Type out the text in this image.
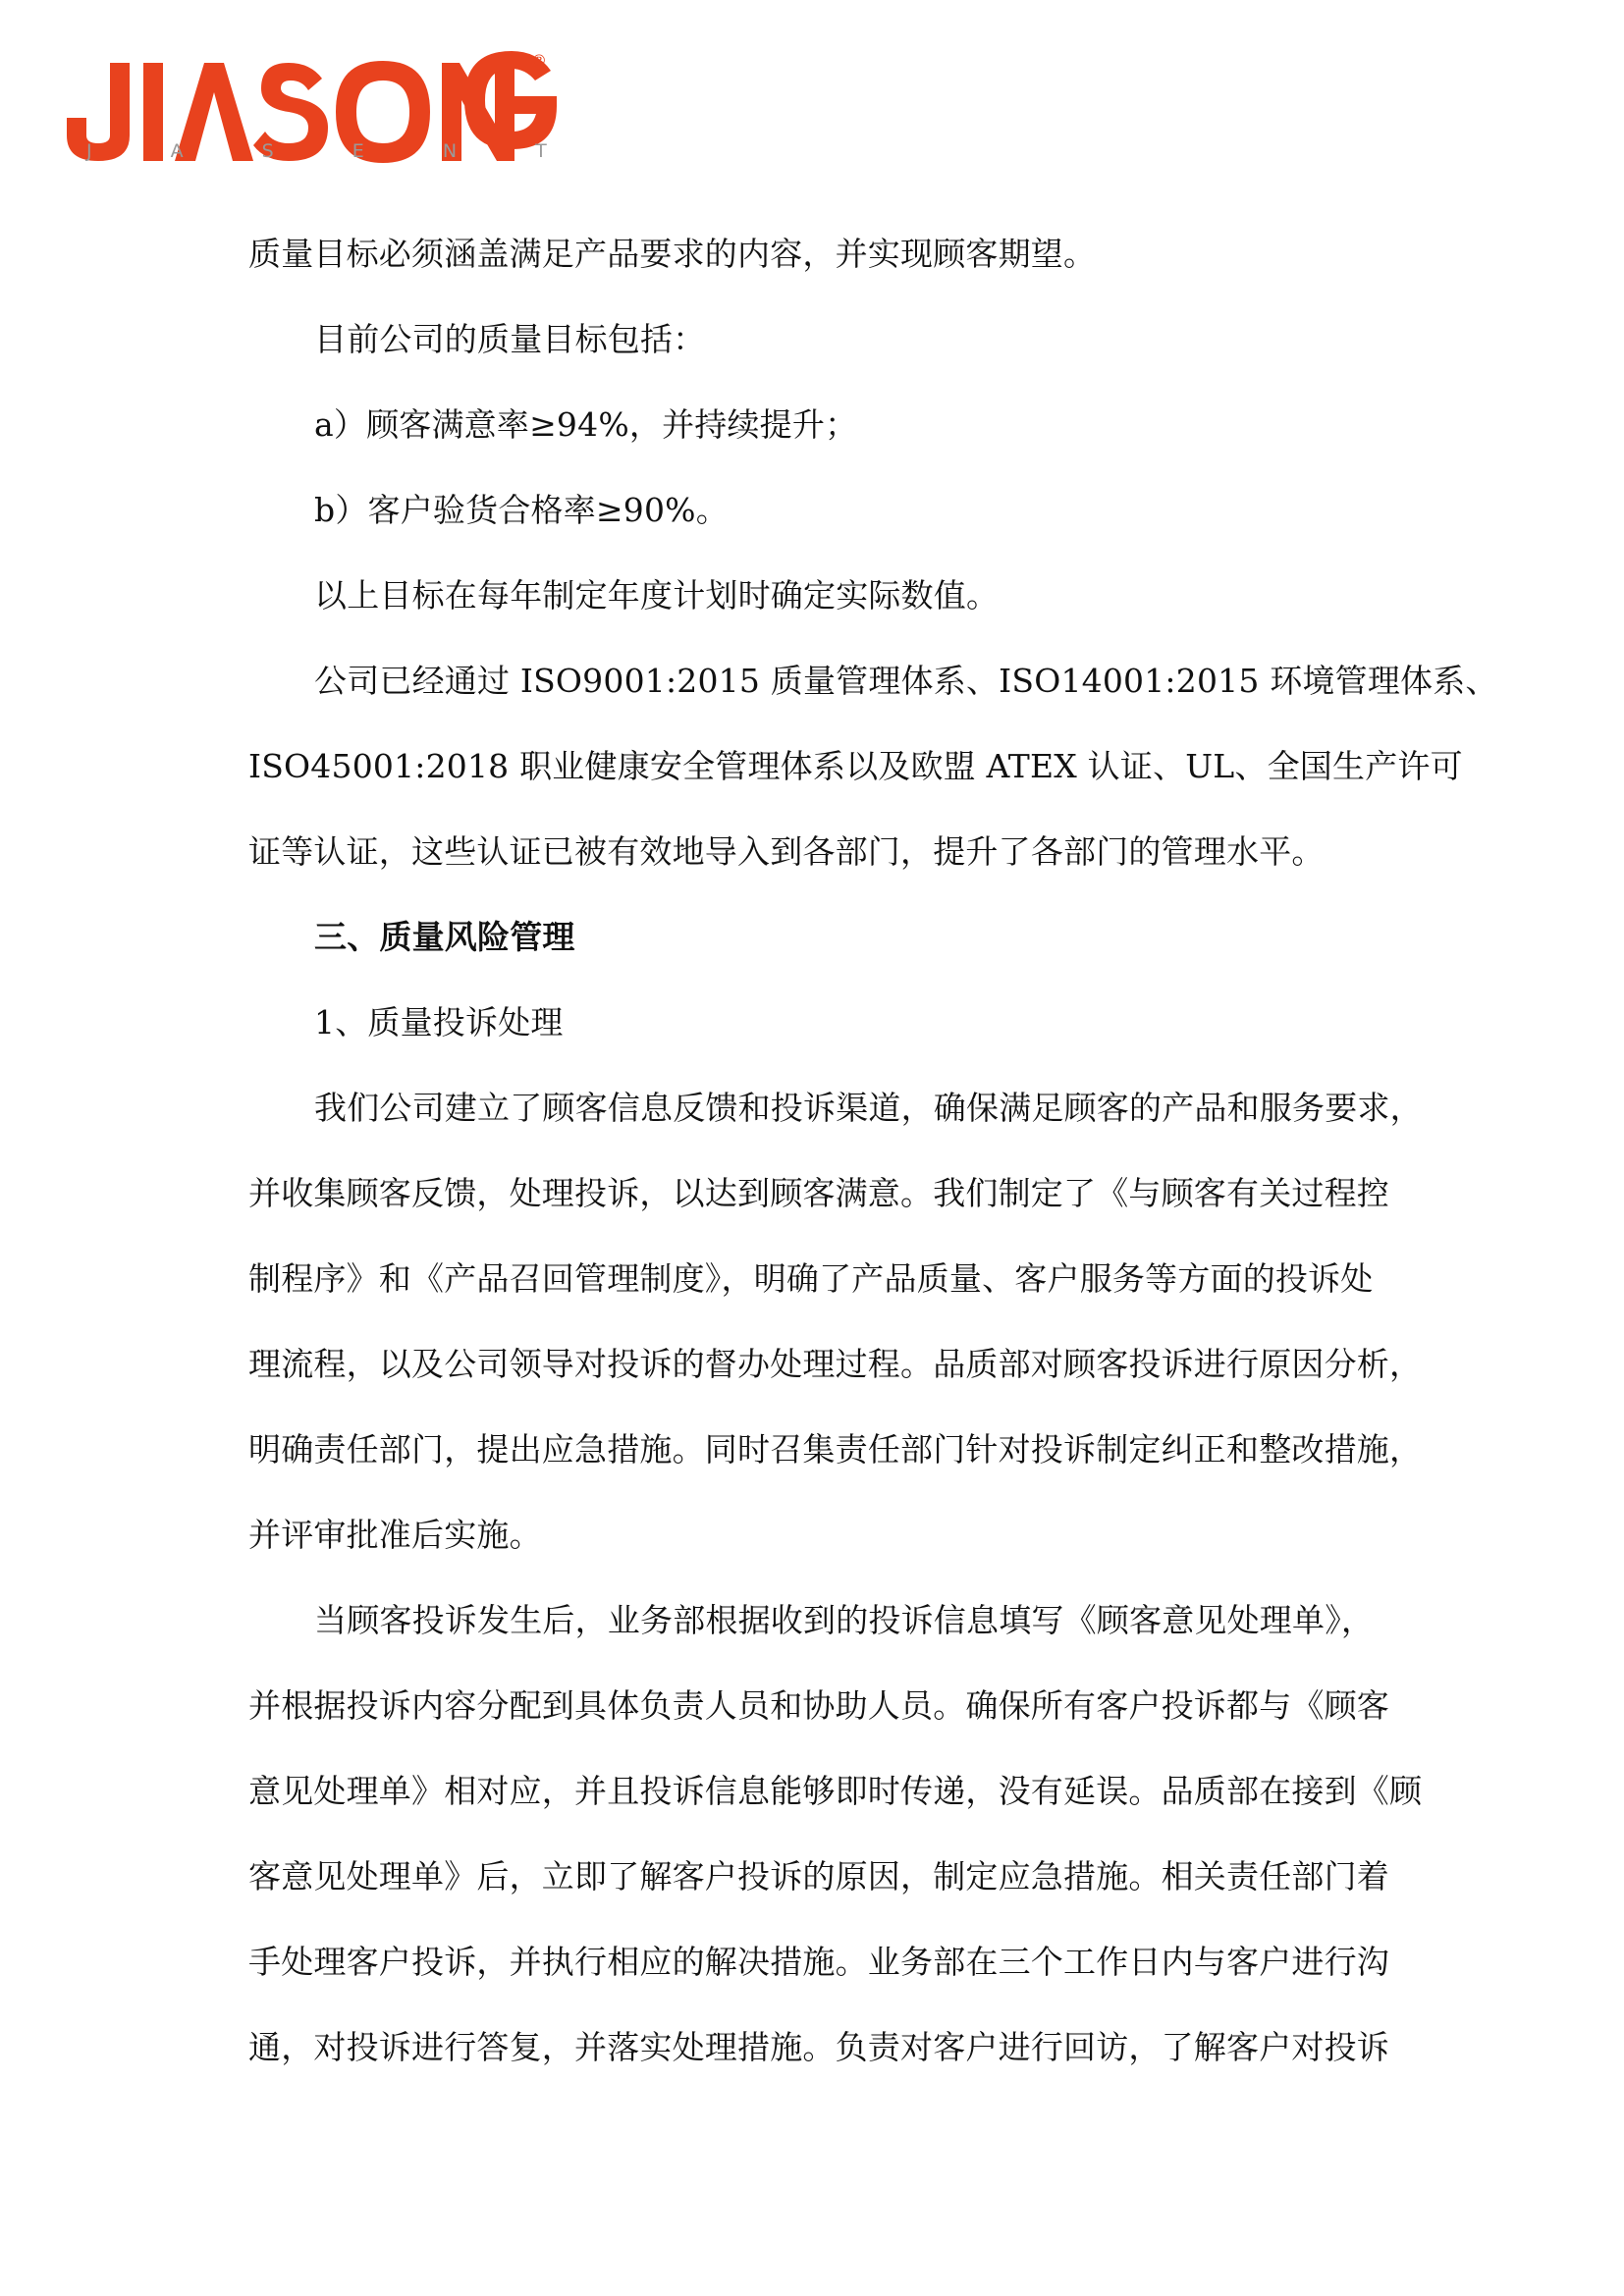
®
J A S E N T

质量目标必须涵盖满足产品要求的内容，并实现顾客期望。

目前公司的质量目标包括：

a）顾客满意率≥94%，并持续提升；

b）客户验货合格率≥90%。

以上目标在每年制定年度计划时确定实际数值。

公司已经通过 ISO9001:2015 质量管理体系、ISO14001:2015 环境管理体系、

ISO45001:2018 职业健康安全管理体系以及欧盟 ATEX 认证、UL、全国生产许可

证等认证，这些认证已被有效地导入到各部门，提升了各部门的管理水平。

三、质量风险管理

1、质量投诉处理

我们公司建立了顾客信息反馈和投诉渠道，确保满足顾客的产品和服务要求，

并收集顾客反馈，处理投诉，以达到顾客满意。我们制定了《与顾客有关过程控

制程序》和《产品召回管理制度》，明确了产品质量、客户服务等方面的投诉处

理流程，以及公司领导对投诉的督办处理过程。品质部对顾客投诉进行原因分析，

明确责任部门，提出应急措施。同时召集责任部门针对投诉制定纠正和整改措施，

并评审批准后实施。

当顾客投诉发生后，业务部根据收到的投诉信息填写《顾客意见处理单》，

并根据投诉内容分配到具体负责人员和协助人员。确保所有客户投诉都与《顾客

意见处理单》相对应，并且投诉信息能够即时传递，没有延误。品质部在接到《顾

客意见处理单》后，立即了解客户投诉的原因，制定应急措施。相关责任部门着

手处理客户投诉，并执行相应的解决措施。业务部在三个工作日内与客户进行沟

通，对投诉进行答复，并落实处理措施。负责对客户进行回访，了解客户对投诉
